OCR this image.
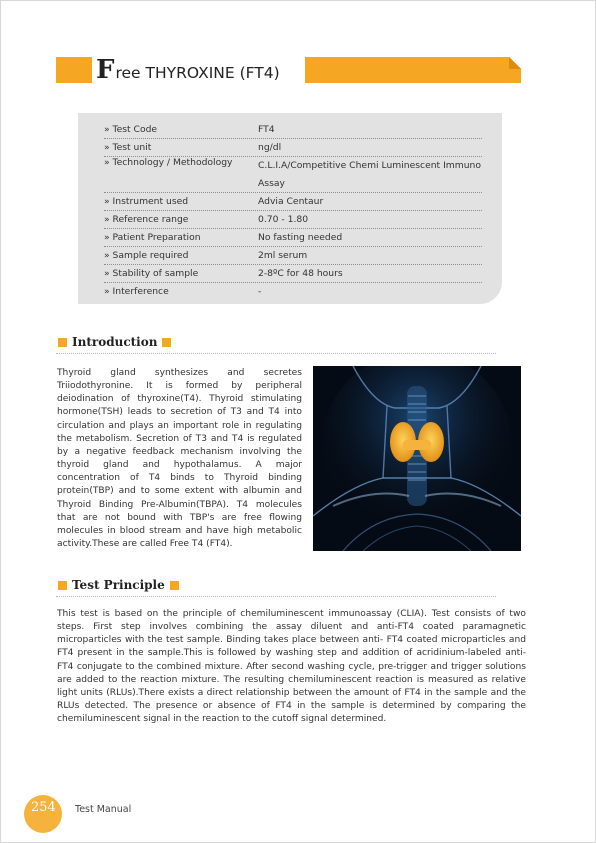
F ree THYROXINE (FT4)
» Test Code	FT4
» Test unit	ng/dl
» Technology / Methodology	C.L.I.A/Competitive Chemi Luminescent Immuno Assay
» Instrument used	Advia Centaur
» Reference range	0.70 - 1.80
» Patient Preparation	No fasting needed
» Sample required	2ml serum
» Stability of sample	2-8ºC for 48 hours
» Interference	-
Introduction
Thyroid gland synthesizes and secretes Triiodothyronine. It is formed by peripheral deiodination of thyroxine(T4). Thyroid stimulating hormone(TSH) leads to secretion of T3 and T4 into circulation and plays an important role in regulating the metabolism. Secretion of T3 and T4 is regulated by a negative feedback mechanism involving the thyroid gland and hypothalamus. A major concentration of T4 binds to Thyroid binding protein(TBP) and to some extent with albumin and Thyroid Binding Pre-Albumin(TBPA). T4 molecules that are not bound with TBP's are free flowing molecules in blood stream and have high metabolic activity.These are called Free T4 (FT4).
Test Principle
This test is based on the principle of chemiluminescent immunoassay (CLIA). Test consists of two steps. First step involves combining the assay diluent and anti-FT4 coated paramagnetic microparticles with the test sample. Binding takes place between anti- FT4 coated microparticles and FT4 present in the sample.This is followed by washing step and addition of acridinium-labeled anti- FT4 conjugate to the combined mixture. After second washing cycle, pre-trigger and trigger solutions are added to the reaction mixture. The resulting chemiluminescent reaction is measured as relative light units (RLUs).There exists a direct relationship between the amount of FT4 in the sample and the RLUs detected. The presence or absence of FT4 in the sample is determined by comparing the chemiluminescent signal in the reaction to the cutoff signal determined.
254 Test Manual
